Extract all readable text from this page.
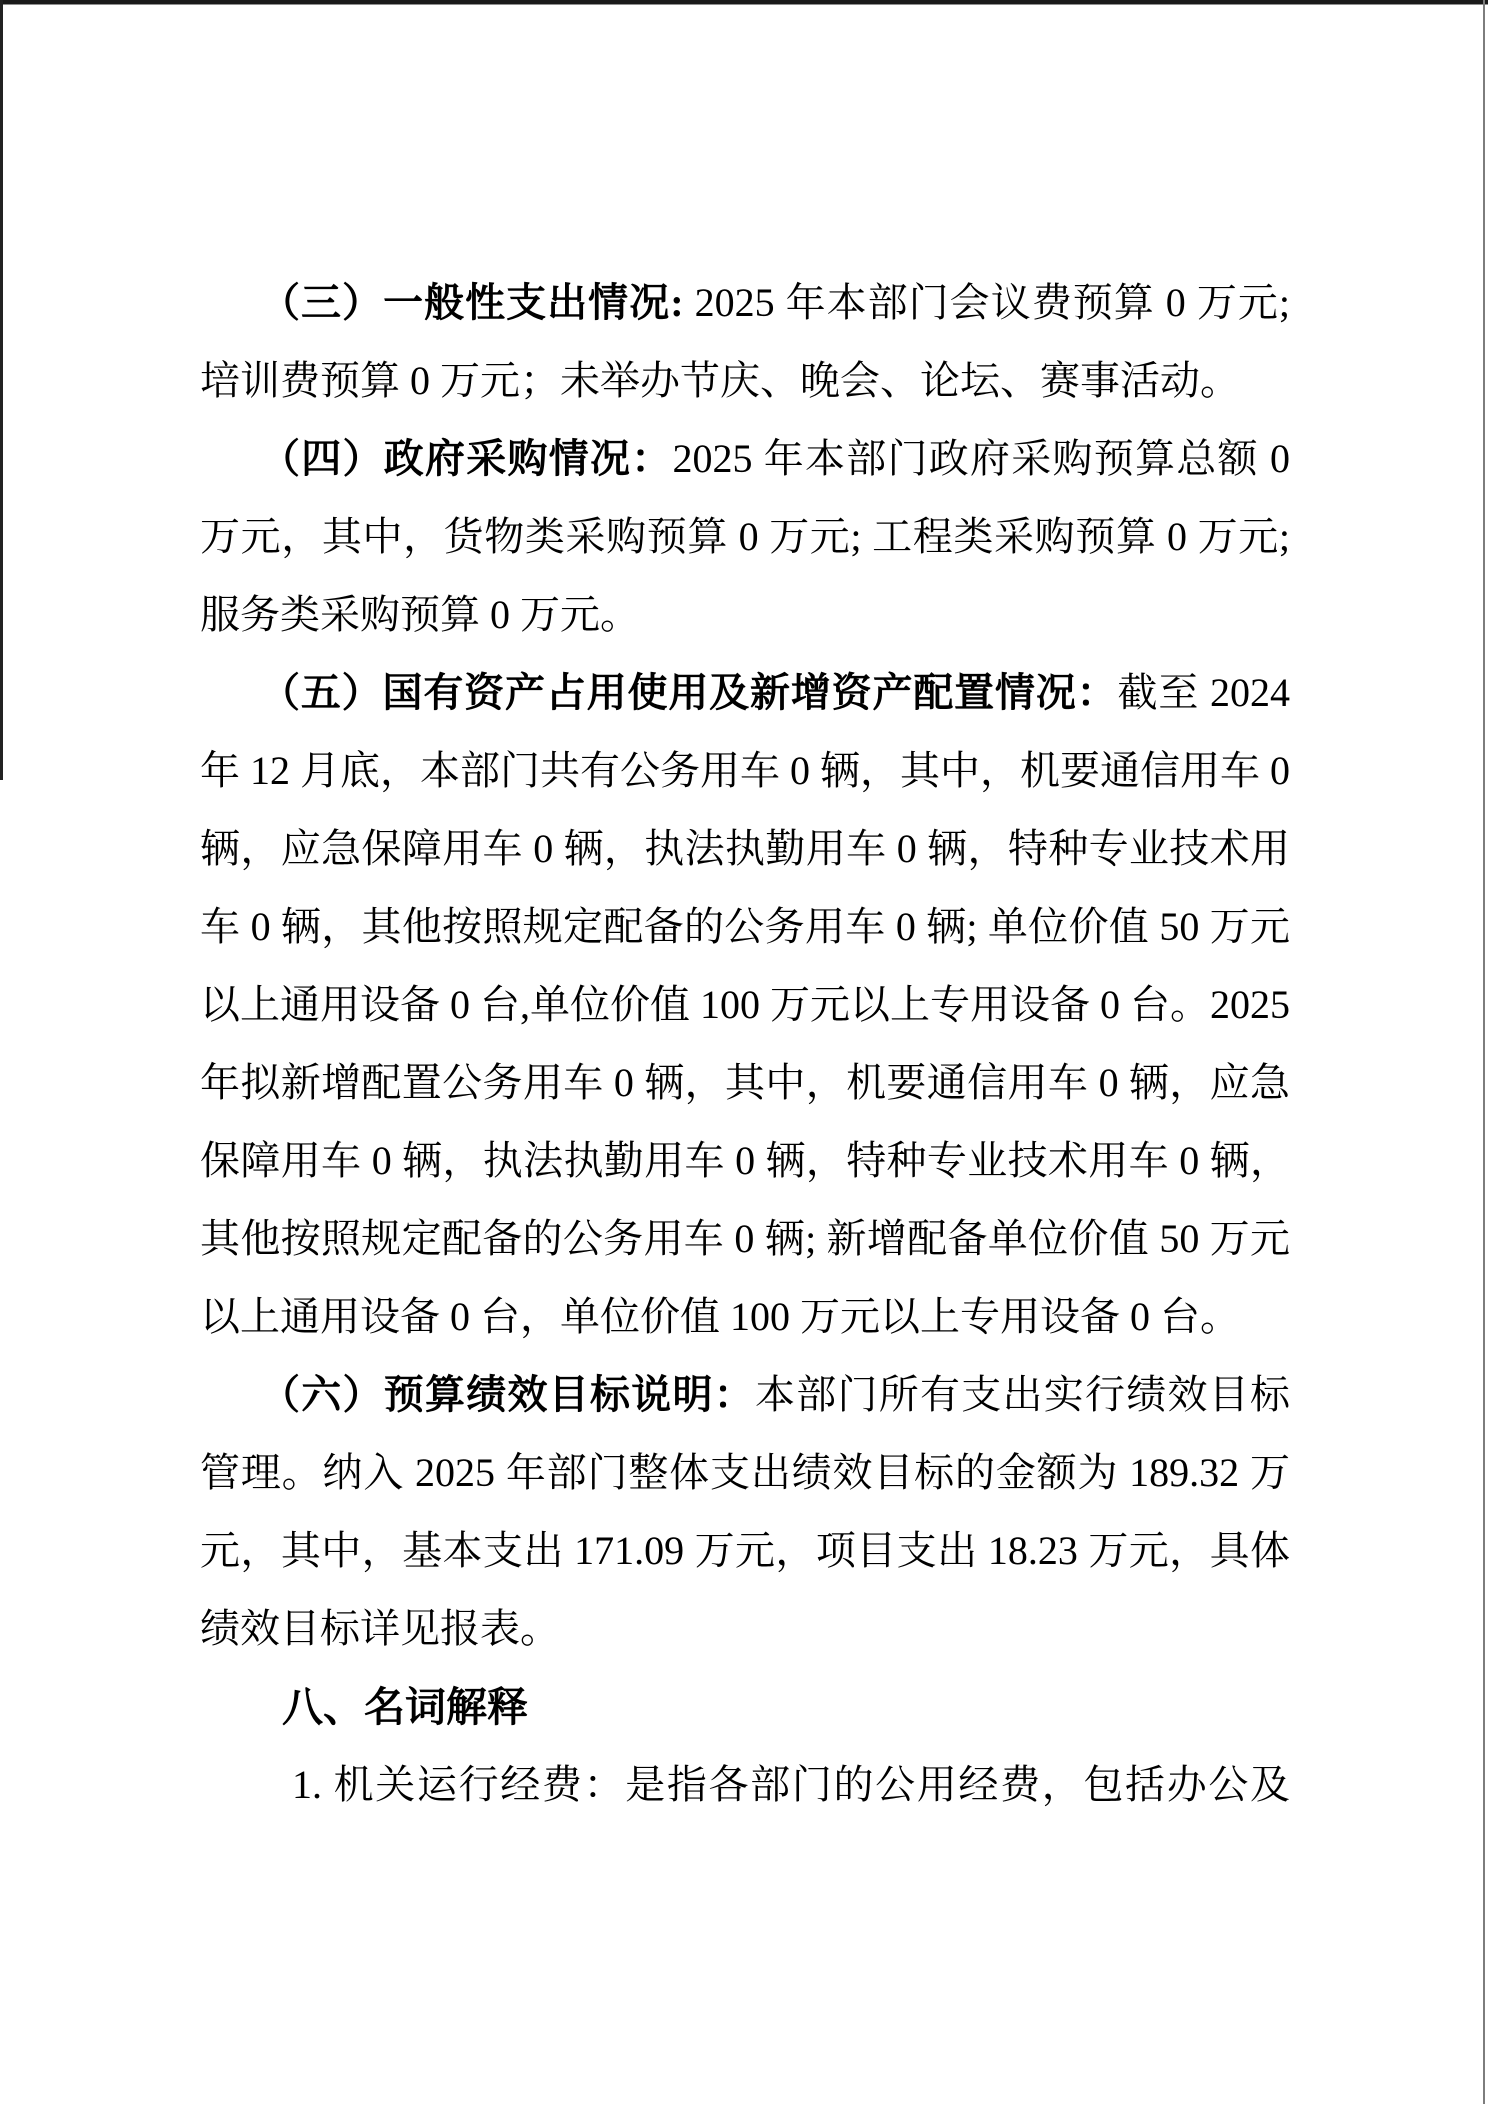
（三）一般性支出情况: 2025 年本部门会议费预算 0 万元;
培训费预算 0 万元；未举办节庆、晚会、论坛、赛事活动。
（四）政府采购情况：2025 年本部门政府采购预算总额 0
万元，其中，货物类采购预算 0 万元; 工程类采购预算 0 万元;
服务类采购预算 0 万元。
（五）国有资产占用使用及新增资产配置情况：截至 2024
年 12 月底，本部门共有公务用车 0 辆，其中，机要通信用车 0
辆，应急保障用车 0 辆，执法执勤用车 0 辆，特种专业技术用
车 0 辆，其他按照规定配备的公务用车 0 辆; 单位价值 50 万元
以上通用设备 0 台,单位价值 100 万元以上专用设备 0 台。2025
年拟新增配置公务用车 0 辆，其中，机要通信用车 0 辆，应急
保障用车 0 辆，执法执勤用车 0 辆，特种专业技术用车 0 辆，
其他按照规定配备的公务用车 0 辆; 新增配备单位价值 50 万元
以上通用设备 0 台，单位价值 100 万元以上专用设备 0 台。
（六）预算绩效目标说明：本部门所有支出实行绩效目标
管理。纳入 2025 年部门整体支出绩效目标的金额为 189.32 万
元，其中，基本支出 171.09 万元，项目支出 18.23 万元，具体
绩效目标详见报表。
八、名词解释
1. 机关运行经费：是指各部门的公用经费，包括办公及
